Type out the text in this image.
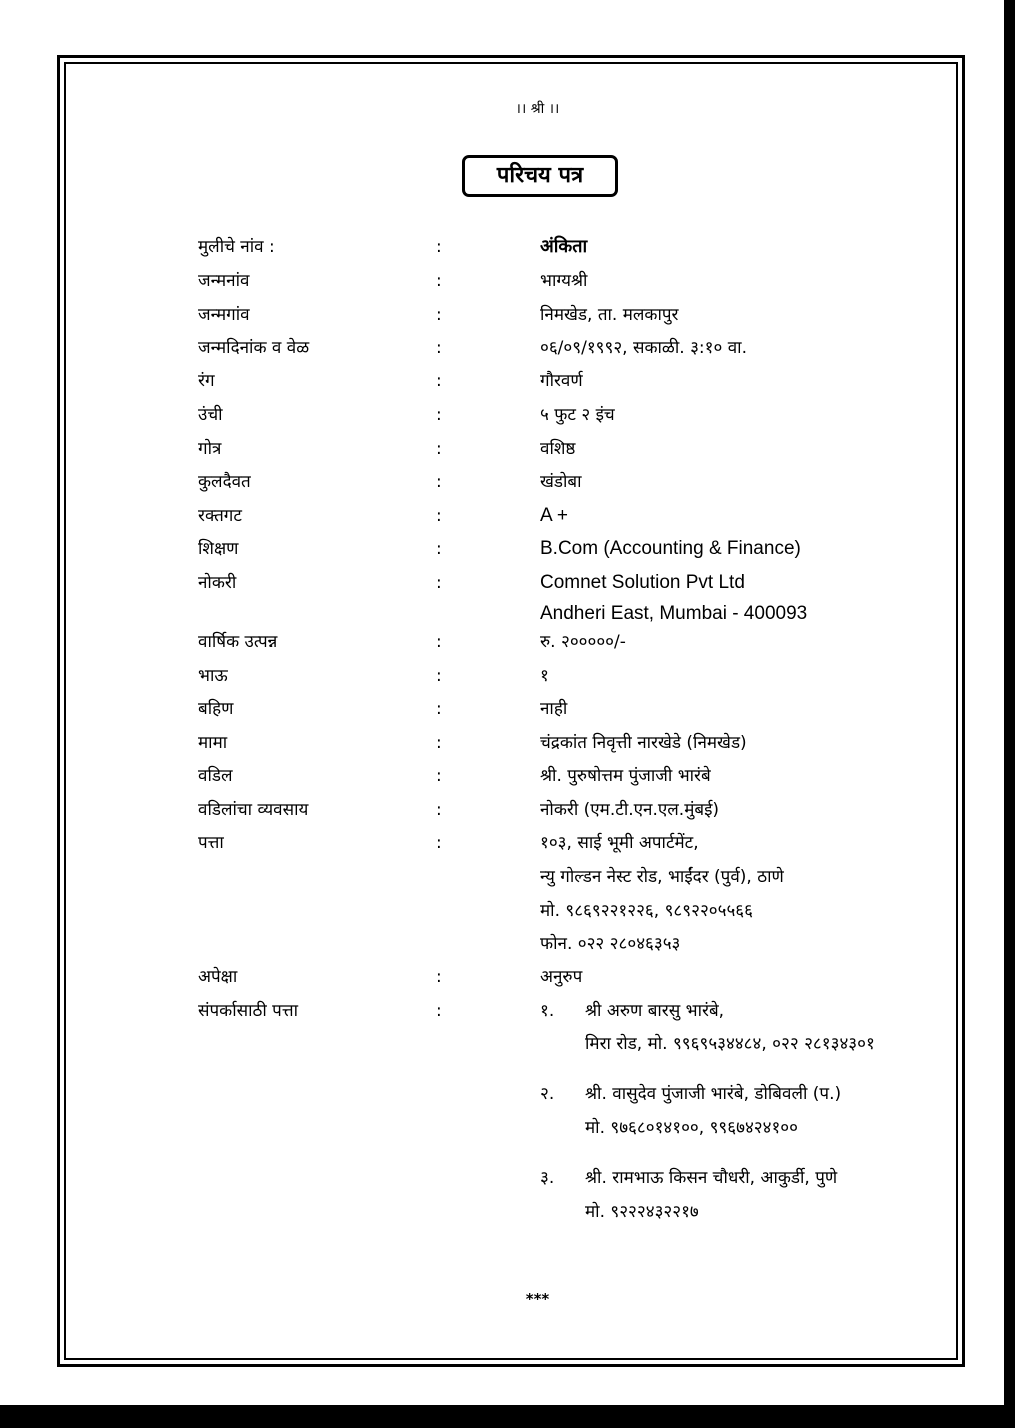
।। श्री ।।
परिचय पत्र
मुलीचे नांव :	:	अंकिता
जन्मनांव	:	भाग्यश्री
जन्मगांव	:	निमखेड, ता. मलकापुर
जन्मदिनांक व वेळ	:	०६/०९/१९९२, सकाळी. ३:१० वा.
रंग	:	गौरवर्ण
उंची	:	५ फुट २ इंच
गोत्र	:	वशिष्ठ
कुलदैवत	:	खंडोबा
रक्तगट	:	A +
शिक्षण	:	B.Com (Accounting & Finance)
नोकरी	:	Comnet Solution Pvt Ltd
Andheri East, Mumbai - 400093
वार्षिक उत्पन्न	:	रु. २०००००/-
भाऊ	:	१
बहिण	:	नाही
मामा	:	चंद्रकांत निवृत्ती नारखेडे (निमखेड)
वडिल	:	श्री. पुरुषोत्तम पुंजाजी भारंबे
वडिलांचा व्यवसाय	:	नोकरी (एम.टी.एन.एल.मुंबई)
पत्ता	:	१०३, साई भूमी अपार्टमेंट,
न्यु गोल्डन नेस्ट रोड, भाईंदर (पुर्व), ठाणे
मो. ९८६९२२१२२६, ९८९२२०५५६६
फोन. ०२२ २८०४६३५३
अपेक्षा	:	अनुरुप
संपर्कासाठी पत्ता	:	१. श्री अरुण बारसु भारंबे,
मिरा रोड, मो. ९९६९५३४४८४, ०२२ २८१३४३०१
२. श्री. वासुदेव पुंजाजी भारंबे, डोबिवली (प.)
मो. ९७६८०१४१००, ९९६७४२४१००
३. श्री. रामभाऊ किसन चौधरी, आकुर्डी, पुणे
मो. ९२२२४३२२१७
***
